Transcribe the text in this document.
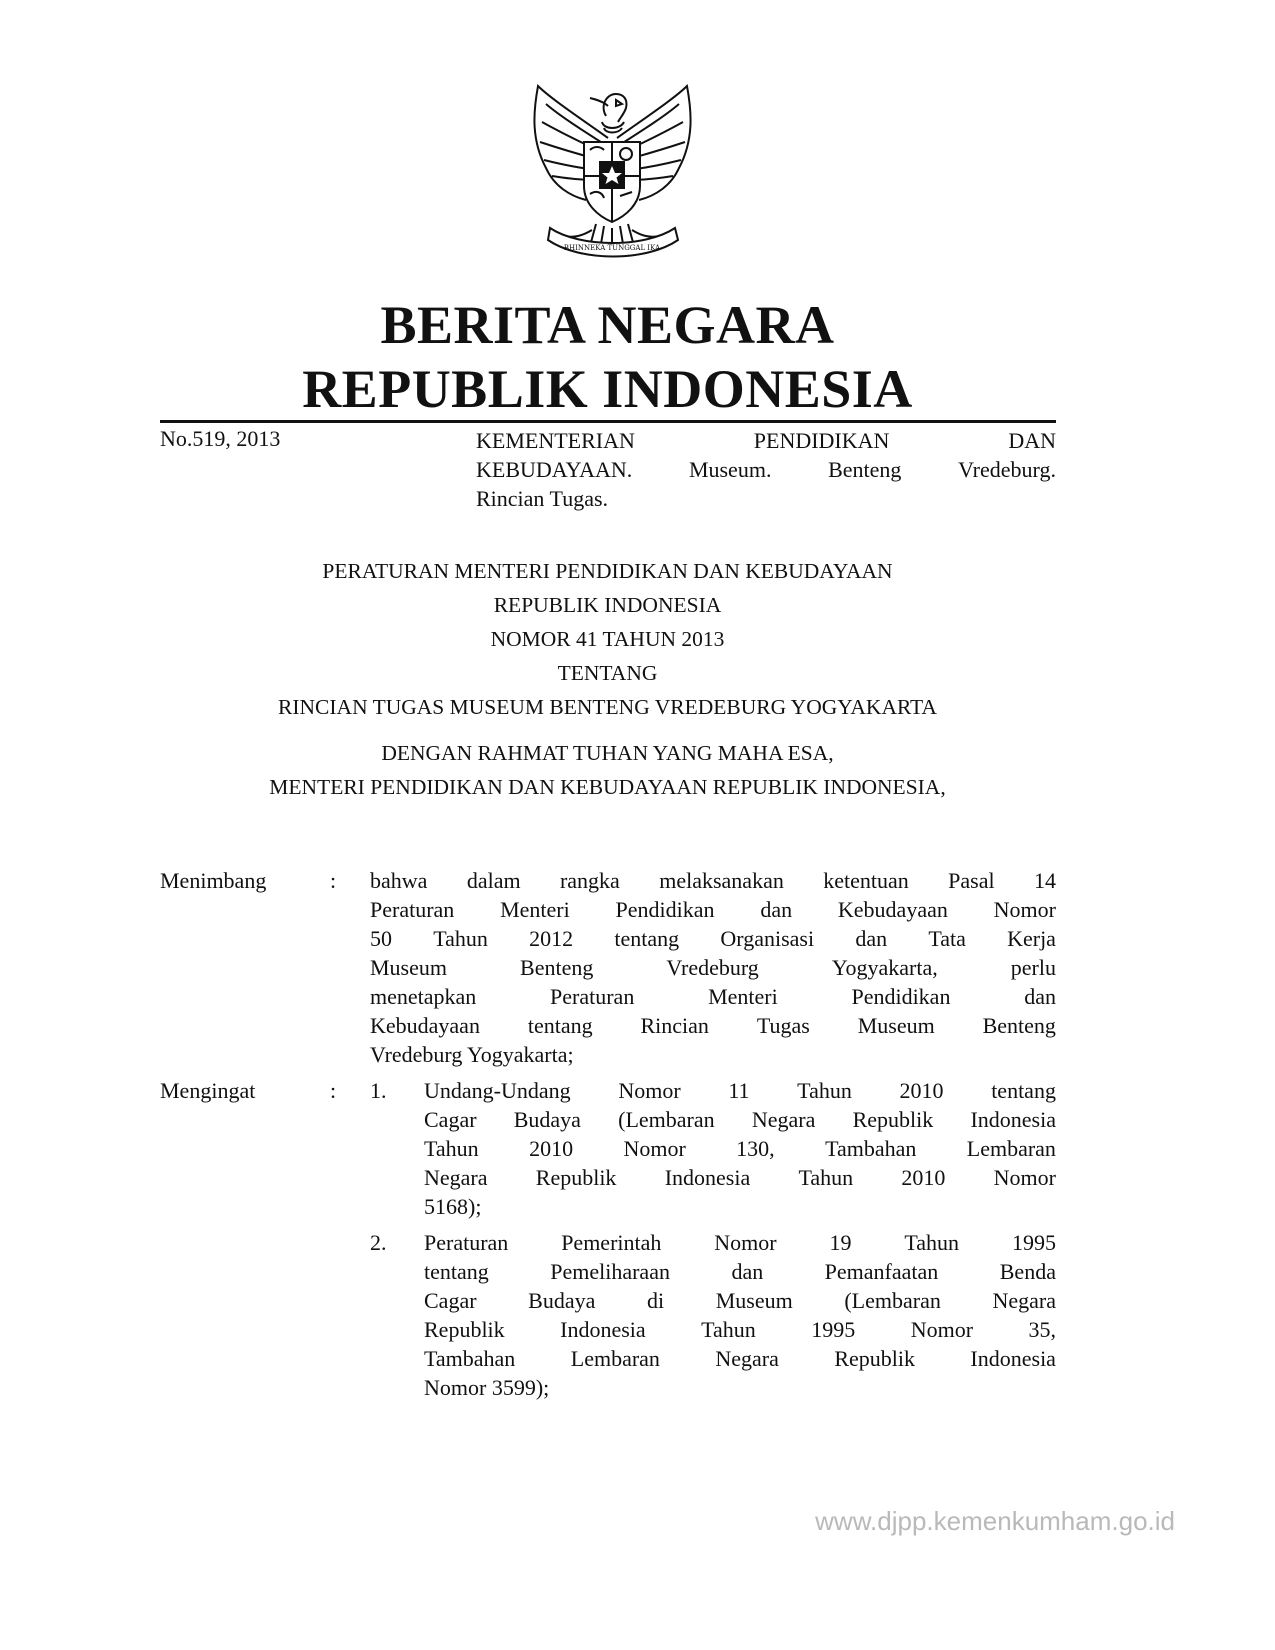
BHINNEKA TUNGGAL IKA
BERITA NEGARA
REPUBLIK INDONESIA
No.519, 2013	KEMENTERIAN	PENDIDIKAN	DAN
KEBUDAYAAN.	Museum.	Benteng	Vredeburg.
Rincian Tugas.
PERATURAN MENTERI PENDIDIKAN DAN KEBUDAYAAN
REPUBLIK INDONESIA
NOMOR 41 TAHUN 2013
TENTANG
RINCIAN TUGAS MUSEUM BENTENG VREDEBURG YOGYAKARTA
DENGAN RAHMAT TUHAN YANG MAHA ESA,
MENTERI PENDIDIKAN DAN KEBUDAYAAN REPUBLIK INDONESIA,
Menimbang	: bahwa dalam rangka melaksanakan ketentuan Pasal 14
Peraturan Menteri Pendidikan dan Kebudayaan Nomor
50 Tahun 2012 tentang Organisasi dan Tata Kerja
Museum	Benteng	Vredeburg	Yogyakarta,	perlu
menetapkan	Peraturan	Menteri	Pendidikan	dan
Kebudayaan tentang Rincian Tugas Museum Benteng
Vredeburg Yogyakarta;
Mengingat	: 1. Undang-Undang Nomor 11 Tahun 2010 tentang
Cagar Budaya (Lembaran Negara Republik Indonesia
Tahun 2010 Nomor 130, Tambahan Lembaran
Negara Republik Indonesia Tahun 2010 Nomor
5168);
2. Peraturan Pemerintah Nomor 19 Tahun 1995
tentang	Pemeliharaan	dan	Pemanfaatan	Benda
Cagar Budaya di Museum (Lembaran Negara
Republik	Indonesia	Tahun	1995	Nomor	35,
Tambahan	Lembaran	Negara	Republik	Indonesia
Nomor 3599);
www.djpp.kemenkumham.go.id
